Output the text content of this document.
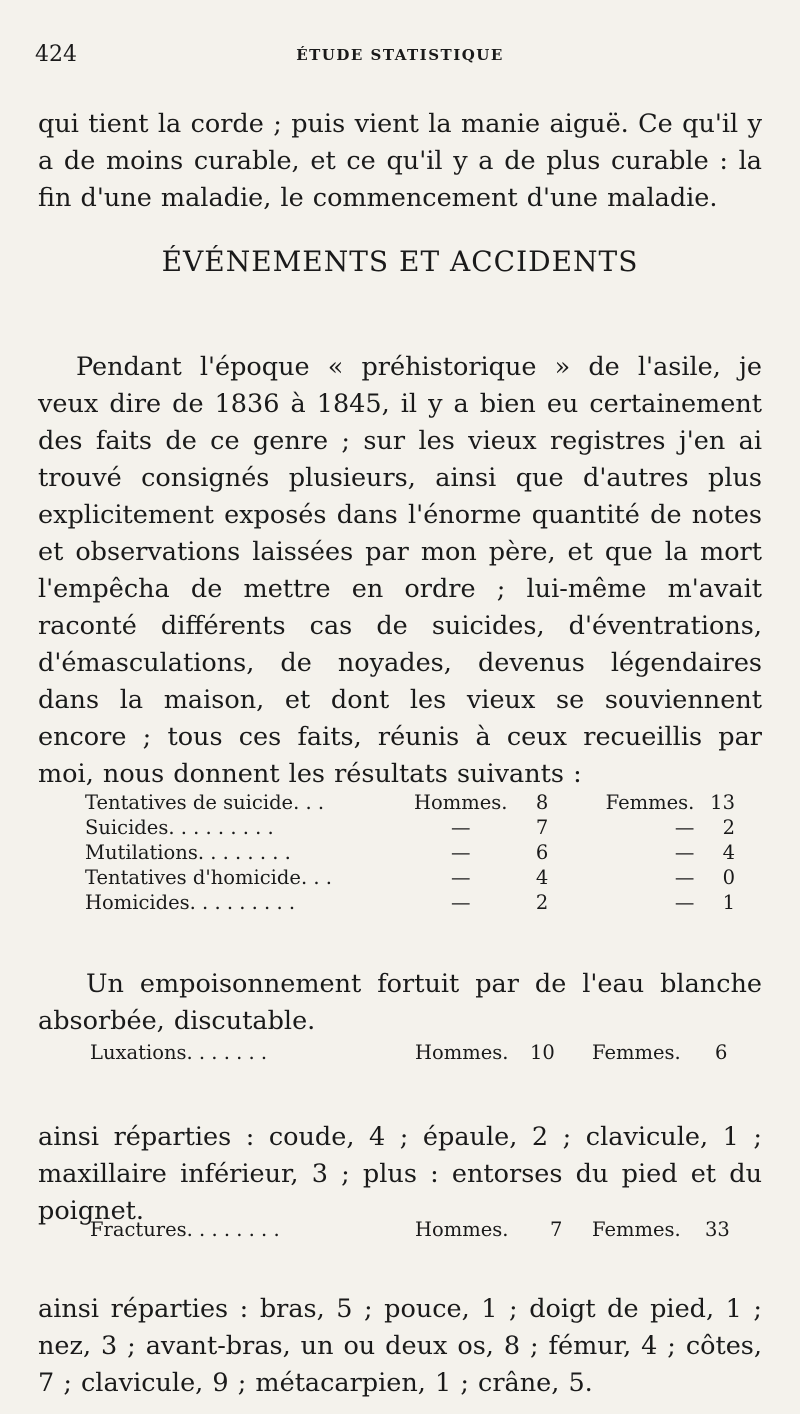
424	ÉTUDE STATISTIQUE

qui tient la corde ; puis vient la manie aiguë. Ce qu'il y a de moins curable, et ce qu'il y a de plus curable : la fin d'une maladie, le commencement d'une maladie.

ÉVÉNEMENTS ET ACCIDENTS

Pendant l'époque « préhistorique » de l'asile, je veux dire de 1836 à 1845, il y a bien eu certainement des faits de ce genre ; sur les vieux registres j'en ai trouvé consignés plusieurs, ainsi que d'autres plus explicitement exposés dans l'énorme quantité de notes et observations laissées par mon père, et que la mort l'empêcha de mettre en ordre ; lui-même m'avait raconté différents cas de suicides, d'éventrations, d'émasculations, de noyades, devenus légendaires dans la maison, et dont les vieux se souviennent encore ; tous ces faits, réunis à ceux recueillis par moi, nous donnent les résultats suivants :

Tentatives de suicide. . .	Hommes.	8	Femmes.	13
Suicides. . . . . . . . .	—	7	—	2
Mutilations. . . . . . . .	—	6	—	4
Tentatives d'homicide. . .	—	4	—	0
Homicides. . . . . . . . .	—	2	—	1

Un empoisonnement fortuit par de l'eau blanche absorbée, discutable.

Luxations. . . . . . .	Hommes. 10 Femmes. 6

ainsi réparties : coude, 4 ; épaule, 2 ; clavicule, 1 ; maxillaire inférieur, 3 ; plus : entorses du pied et du poignet.

Fractures. . . . . . . .	Hommes. 7 Femmes. 33

ainsi réparties : bras, 5 ; pouce, 1 ; doigt de pied, 1 ; nez, 3 ; avant-bras, un ou deux os, 8 ; fémur, 4 ; côtes, 7 ; clavicule, 9 ; métacarpien, 1 ; crâne, 5.
